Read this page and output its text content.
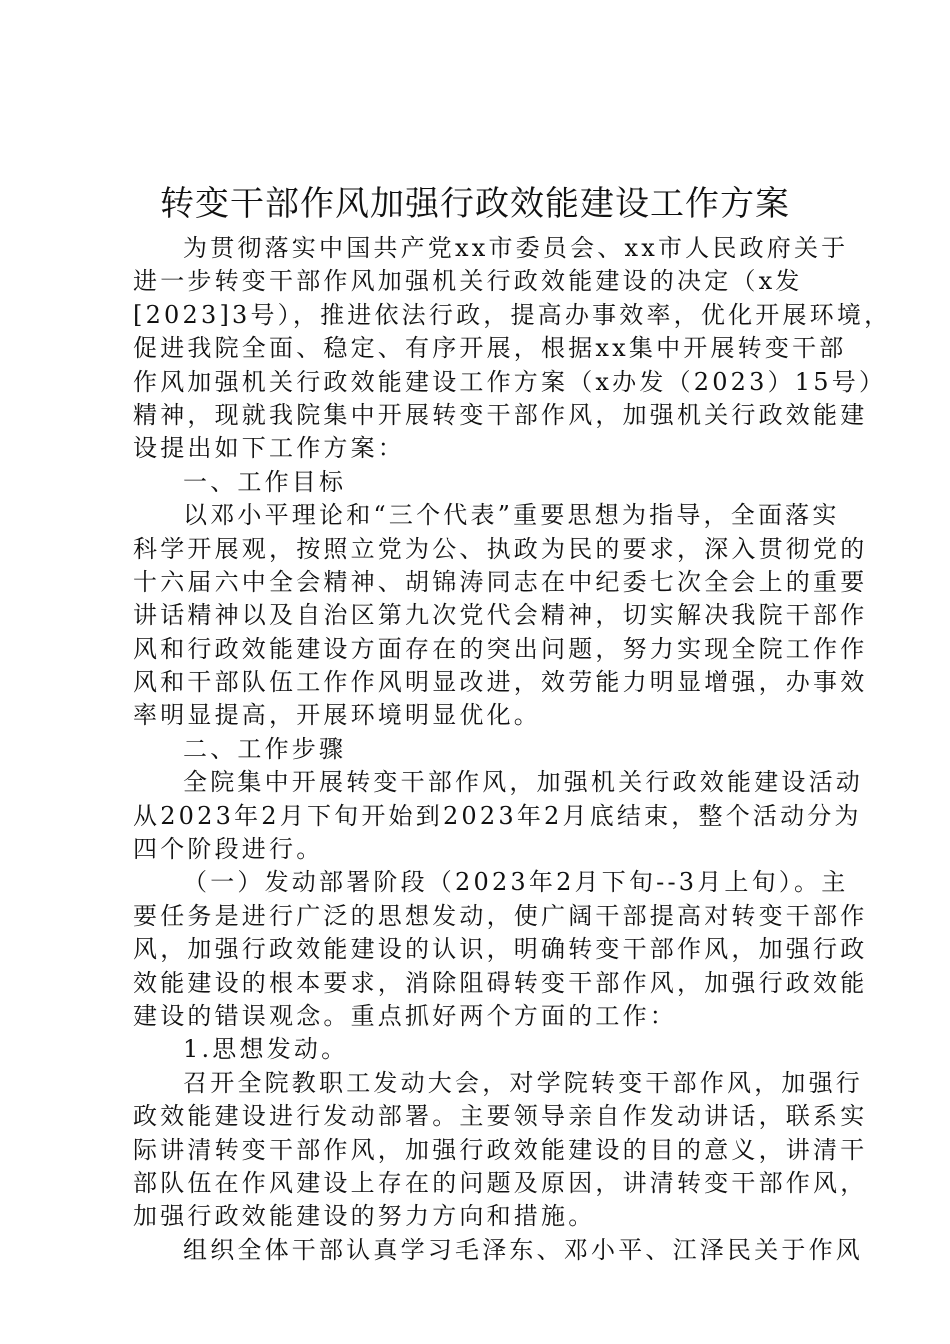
转变干部作风加强行政效能建设工作方案
为贯彻落实中国共产党xx市委员会、xx市人民政府关于
进一步转变干部作风加强机关行政效能建设的决定（x发
[2023]3号），推进依法行政，提高办事效率，优化开展环境，
促进我院全面、稳定、有序开展，根据xx集中开展转变干部
作风加强机关行政效能建设工作方案（x办发（2023）15号）
精神，现就我院集中开展转变干部作风，加强机关行政效能建
设提出如下工作方案：
一、工作目标
以邓小平理论和“三个代表”重要思想为指导，全面落实
科学开展观，按照立党为公、执政为民的要求，深入贯彻党的
十六届六中全会精神、胡锦涛同志在中纪委七次全会上的重要
讲话精神以及自治区第九次党代会精神，切实解决我院干部作
风和行政效能建设方面存在的突出问题，努力实现全院工作作
风和干部队伍工作作风明显改进，效劳能力明显增强，办事效
率明显提高，开展环境明显优化。
二、工作步骤
全院集中开展转变干部作风，加强机关行政效能建设活动
从2023年2月下旬开始到2023年2月底结束，整个活动分为
四个阶段进行。
（一）发动部署阶段（2023年2月下旬--3月上旬）。主
要任务是进行广泛的思想发动，使广阔干部提高对转变干部作
风，加强行政效能建设的认识，明确转变干部作风，加强行政
效能建设的根本要求，消除阻碍转变干部作风，加强行政效能
建设的错误观念。重点抓好两个方面的工作：
1.思想发动。
召开全院教职工发动大会，对学院转变干部作风，加强行
政效能建设进行发动部署。主要领导亲自作发动讲话，联系实
际讲清转变干部作风，加强行政效能建设的目的意义，讲清干
部队伍在作风建设上存在的问题及原因，讲清转变干部作风，
加强行政效能建设的努力方向和措施。
组织全体干部认真学习毛泽东、邓小平、江泽民关于作风
